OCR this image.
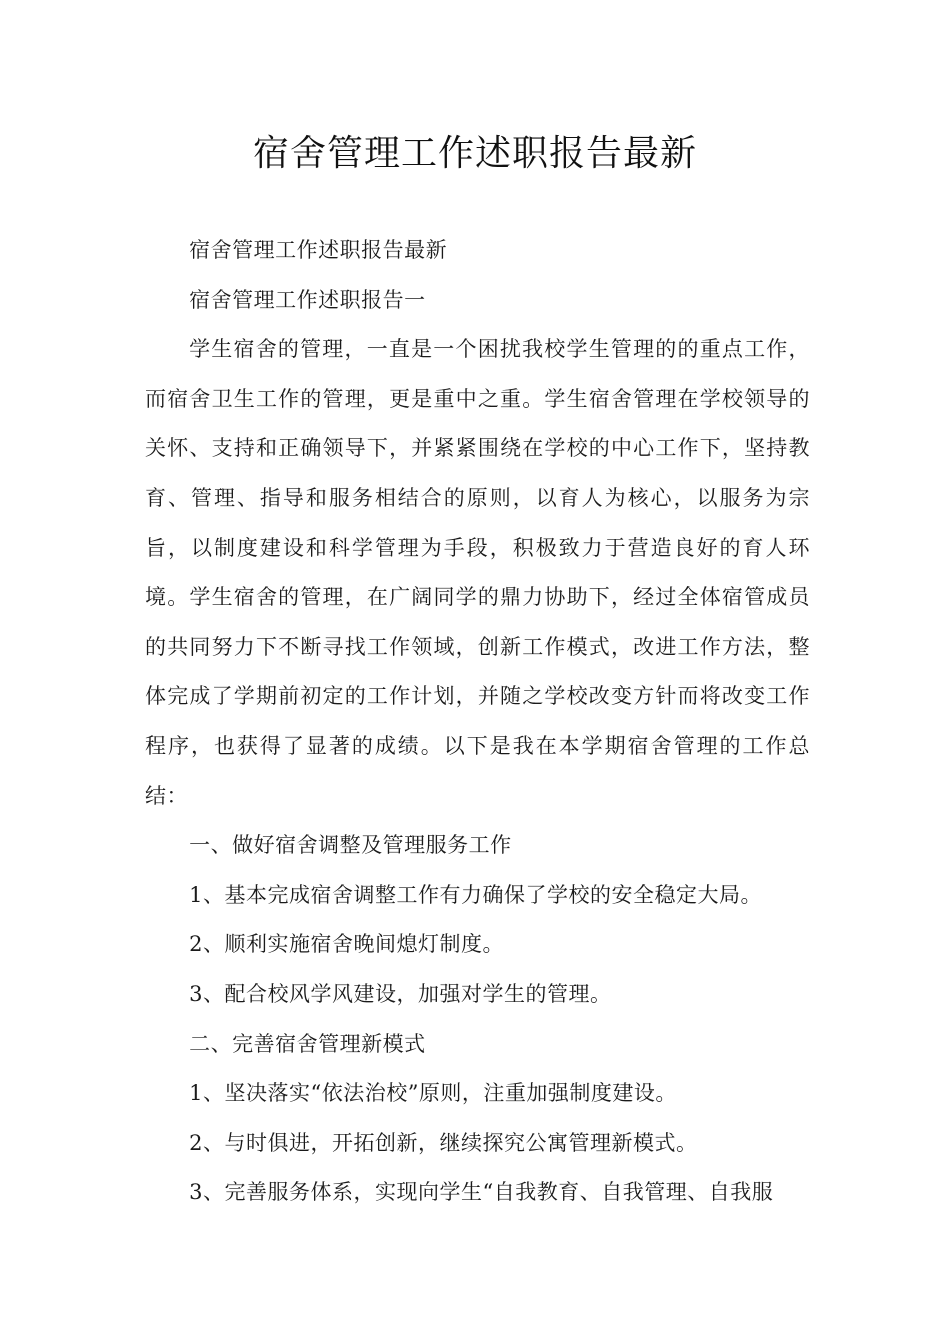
宿舍管理工作述职报告最新

宿舍管理工作述职报告最新

宿舍管理工作述职报告一

学生宿舍的管理，一直是一个困扰我校学生管理的的重点工作，而宿舍卫生工作的管理，更是重中之重。学生宿舍管理在学校领导的关怀、支持和正确领导下，并紧紧围绕在学校的中心工作下，坚持教育、管理、指导和服务相结合的原则，以育人为核心，以服务为宗旨，以制度建设和科学管理为手段，积极致力于营造良好的育人环境。学生宿舍的管理，在广阔同学的鼎力协助下，经过全体宿管成员的共同努力下不断寻找工作领域，创新工作模式，改进工作方法，整体完成了学期前初定的工作计划，并随之学校改变方针而将改变工作程序，也获得了显著的成绩。以下是我在本学期宿舍管理的工作总结：

一、做好宿舍调整及管理服务工作

1、基本完成宿舍调整工作有力确保了学校的安全稳定大局。

2、顺利实施宿舍晚间熄灯制度。

3、配合校风学风建设，加强对学生的管理。

二、完善宿舍管理新模式

1、坚决落实“依法治校”原则，注重加强制度建设。

2、与时俱进，开拓创新，继续探究公寓管理新模式。

3、完善服务体系，实现向学生“自我教育、自我管理、自我服
